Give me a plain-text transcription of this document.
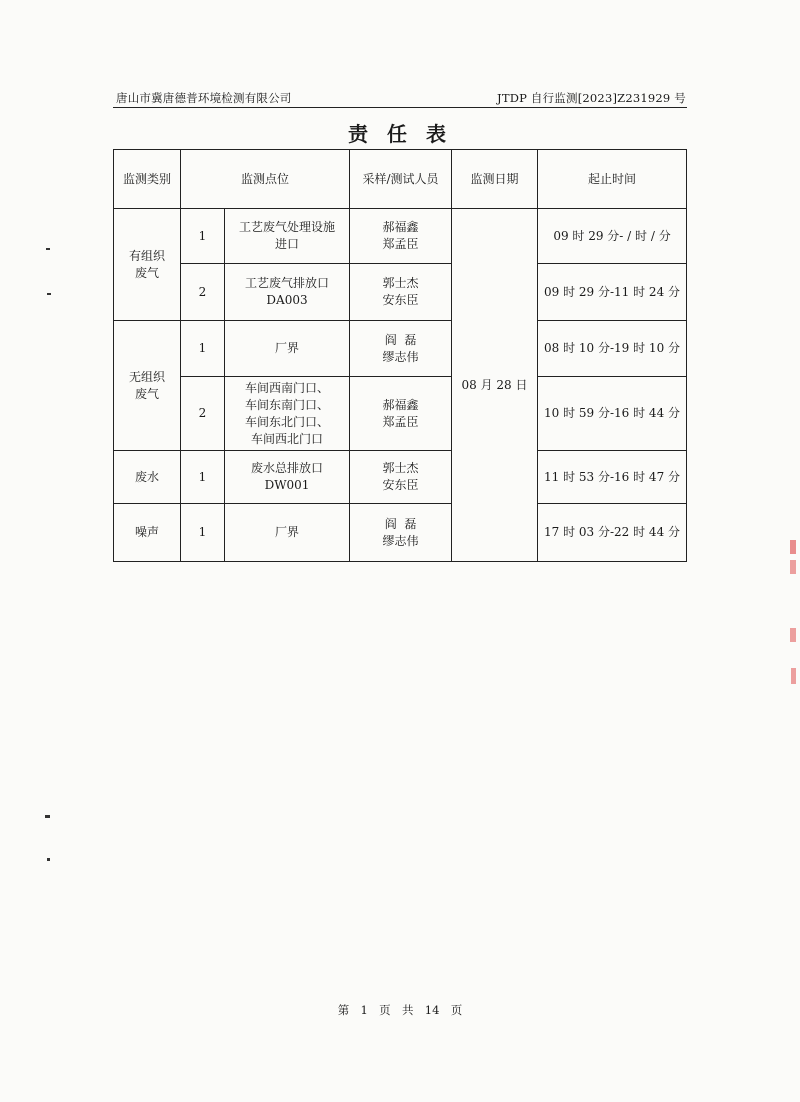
唐山市冀唐德普环境检测有限公司	JTDP 自行监测[2023]Z231929 号
责 任 表
监测类别	监测点位		采样/测试人员	监测日期	起止时间

有组织
废气	1	工艺废气处理设施
进口	郝福鑫
郑孟臣	08 月 28 日	09 时 29 分- / 时 / 分
	2	工艺废气排放口
DA003	郭士杰
安东臣		09 时 29 分-11 时 24 分

无组织
废气	1	厂界	阎  磊
缪志伟		08 时 10 分-19 时 10 分
	2	车间西南门口、
车间东南门口、
车间东北门口、
车间西北门口	郝福鑫
郑孟臣		10 时 59 分-16 时 44 分

废水	1	废水总排放口
DW001	郭士杰
安东臣		11 时 53 分-16 时 47 分

噪声	1	厂界	阎  磊
缪志伟		17 时 03 分-22 时 44 分
第  1  页  共  14  页
